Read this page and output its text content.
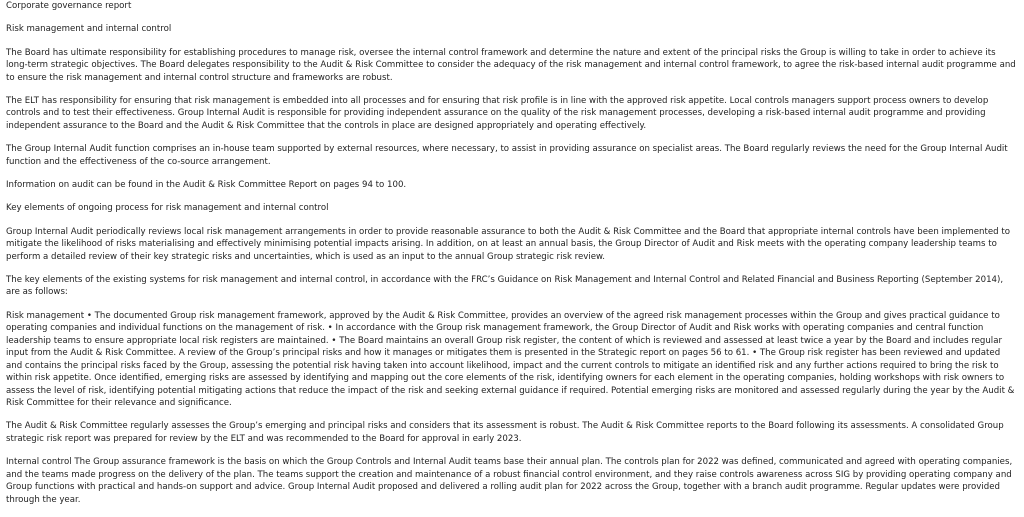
Corporate governance report

Risk management and internal control

The Board has ultimate responsibility for establishing procedures to manage risk, oversee the internal control framework and determine the nature and extent of the principal risks the Group is willing to take in order to achieve its long-term strategic objectives. The Board delegates responsibility to the Audit & Risk Committee to consider the adequacy of the risk management and internal control framework, to agree the risk-based internal audit programme and to ensure the risk management and internal control structure and frameworks are robust.

The ELT has responsibility for ensuring that risk management is embedded into all processes and for ensuring that risk profile is in line with the approved risk appetite. Local controls managers support process owners to develop controls and to test their effectiveness. Group Internal Audit is responsible for providing independent assurance on the quality of the risk management processes, developing a risk-based internal audit programme and providing independent assurance to the Board and the Audit & Risk Committee that the controls in place are designed appropriately and operating effectively.

The Group Internal Audit function comprises an in-house team supported by external resources, where necessary, to assist in providing assurance on specialist areas. The Board regularly reviews the need for the Group Internal Audit function and the effectiveness of the co-source arrangement.

Information on audit can be found in the Audit & Risk Committee Report on pages 94 to 100.

Key elements of ongoing process for risk management and internal control

Group Internal Audit periodically reviews local risk management arrangements in order to provide reasonable assurance to both the Audit & Risk Committee and the Board that appropriate internal controls have been implemented to mitigate the likelihood of risks materialising and effectively minimising potential impacts arising. In addition, on at least an annual basis, the Group Director of Audit and Risk meets with the operating company leadership teams to perform a detailed review of their key strategic risks and uncertainties, which is used as an input to the annual Group strategic risk review.

The key elements of the existing systems for risk management and internal control, in accordance with the FRC’s Guidance on Risk Management and Internal Control and Related Financial and Business Reporting (September 2014), are as follows:

Risk management • The documented Group risk management framework, approved by the Audit & Risk Committee, provides an overview of the agreed risk management processes within the Group and gives practical guidance to operating companies and individual functions on the management of risk. • In accordance with the Group risk management framework, the Group Director of Audit and Risk works with operating companies and central function leadership teams to ensure appropriate local risk registers are maintained. • The Board maintains an overall Group risk register, the content of which is reviewed and assessed at least twice a year by the Board and includes regular input from the Audit & Risk Committee. A review of the Group’s principal risks and how it manages or mitigates them is presented in the Strategic report on pages 56 to 61. • The Group risk register has been reviewed and updated and contains the principal risks faced by the Group, assessing the potential risk having taken into account likelihood, impact and the current controls to mitigate an identified risk and any further actions required to bring the risk to within risk appetite. Once identified, emerging risks are assessed by identifying and mapping out the core elements of the risk, identifying owners for each element in the operating companies, holding workshops with risk owners to assess the level of risk, identifying potential mitigating actions that reduce the impact of the risk and seeking external guidance if required. Potential emerging risks are monitored and assessed regularly during the year by the Audit & Risk Committee for their relevance and significance.

The Audit & Risk Committee regularly assesses the Group’s emerging and principal risks and considers that its assessment is robust. The Audit & Risk Committee reports to the Board following its assessments. A consolidated Group strategic risk report was prepared for review by the ELT and was recommended to the Board for approval in early 2023.

Internal control The Group assurance framework is the basis on which the Group Controls and Internal Audit teams base their annual plan. The controls plan for 2022 was defined, communicated and agreed with operating companies, and the teams made progress on the delivery of the plan. The teams support the creation and maintenance of a robust financial control environment, and they raise controls awareness across SIG by providing operating company and Group functions with practical and hands-on support and advice. Group Internal Audit proposed and delivered a rolling audit plan for 2022 across the Group, together with a branch audit programme. Regular updates were provided through the year.
